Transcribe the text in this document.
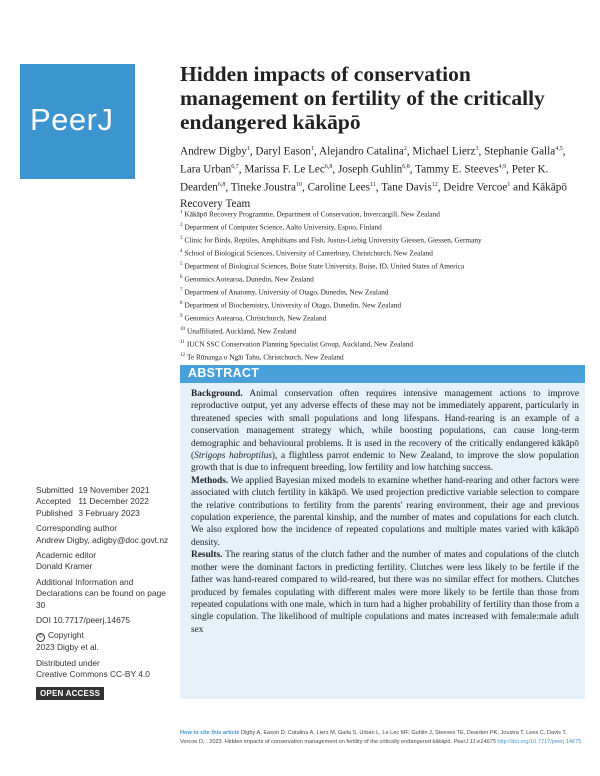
PeerJ
Hidden impacts of conservation management on fertility of the critically endangered kākāpō
Andrew Digby$^1$, Daryl Eason$^1$, Alejandro Catalina$^2$, Michael Lierz$^3$, Stephanie Galla$^{4,5}$, Lara Urban$^{6,7}$, Marissa F. Le Lec$^{6,8}$, Joseph Guhlin$^{6,8}$, Tammy E. Steeves$^{4,9}$, Peter K. Dearden$^{6,8}$, Tineke Joustra$^{10}$, Caroline Lees$^{11}$, Tane Davis$^{12}$, Deidre Vercoe$^1$ and Kākāpō Recovery Team
$^1$ Kākāpō Recovery Programme, Department of Conservation, Invercargill, New Zealand
$^2$ Department of Computer Science, Aalto University, Espoo, Finland
$^3$ Clinic for Birds, Reptiles, Amphibians and Fish, Justus-Liebig University Giessen, Giessen, Germany
$^4$ School of Biological Sciences, University of Canterbury, Christchurch, New Zealand
$^5$ Department of Biological Sciences, Boise State University, Boise, ID, United States of America
$^6$ Genomics Aotearoa, Dunedin, New Zealand
$^7$ Department of Anatomy, University of Otago, Dunedin, New Zealand
$^8$ Department of Biochemistry, University of Otago, Dunedin, New Zealand
$^9$ Genomics Aotearoa, Christchurch, New Zealand
$^{10}$ Unaffiliated, Auckland, New Zealand
$^{11}$ IUCN SSC Conservation Planning Specialist Group, Auckland, New Zealand
$^{12}$ Te Rūnanga o Ngāi Tahu, Christchurch, New Zealand
ABSTRACT

Background. Animal conservation often requires intensive management actions to improve reproductive output, yet any adverse effects of these may not be immediately apparent, particularly in threatened species with small populations and long lifespans. Hand-rearing is an example of a conservation management strategy which, while boosting populations, can cause long-term demographic and behavioural problems. It is used in the recovery of the critically endangered kākāpō (Strigops habroptilus), a flightless parrot endemic to New Zealand, to improve the slow population growth that is due to infrequent breeding, low fertility and low hatching success.

Methods. We applied Bayesian mixed models to examine whether hand-rearing and other factors were associated with clutch fertility in kākāpō. We used projection predictive variable selection to compare the relative contributions to fertility from the parents' rearing environment, their age and previous copulation experience, the parental kinship, and the number of mates and copulations for each clutch. We also explored how the incidence of repeated copulations and multiple mates varied with kākāpō density.

Results. The rearing status of the clutch father and the number of mates and copulations of the clutch mother were the dominant factors in predicting fertility. Clutches were less likely to be fertile if the father was hand-reared compared to wild-reared, but there was no similar effect for mothers. Clutches produced by females copulating with different males were more likely to be fertile than those from repeated copulations with one male, which in turn had a higher probability of fertility than those from a single copulation. The likelihood of multiple copulations and mates increased with female:male adult sex

Submitted 19 November 2021
Accepted 11 December 2022
Published 3 February 2023
Corresponding author
Andrew Digby, adigby@doc.govt.nz
Academic editor
Donald Kramer
Additional Information and Declarations can be found on page 30
DOI 10.7717/peerj.14675
© Copyright
2023 Digby et al.
Distributed under
Creative Commons CC-BY 4.0
OPEN ACCESS
How to cite this article Digby A, Eason D, Catalina A, Lierz M, Galla S, Urban L, Le Lec MF, Guhlin J, Steeves TE, Dearden PK, Joustra T, Lees C, Davis T, Vercoe D, . 2023. Hidden impacts of conservation management on fertility of the critically endangered kākāpō. PeerJ 11:e14675 http://doi.org/10.7717/peerj.14675
